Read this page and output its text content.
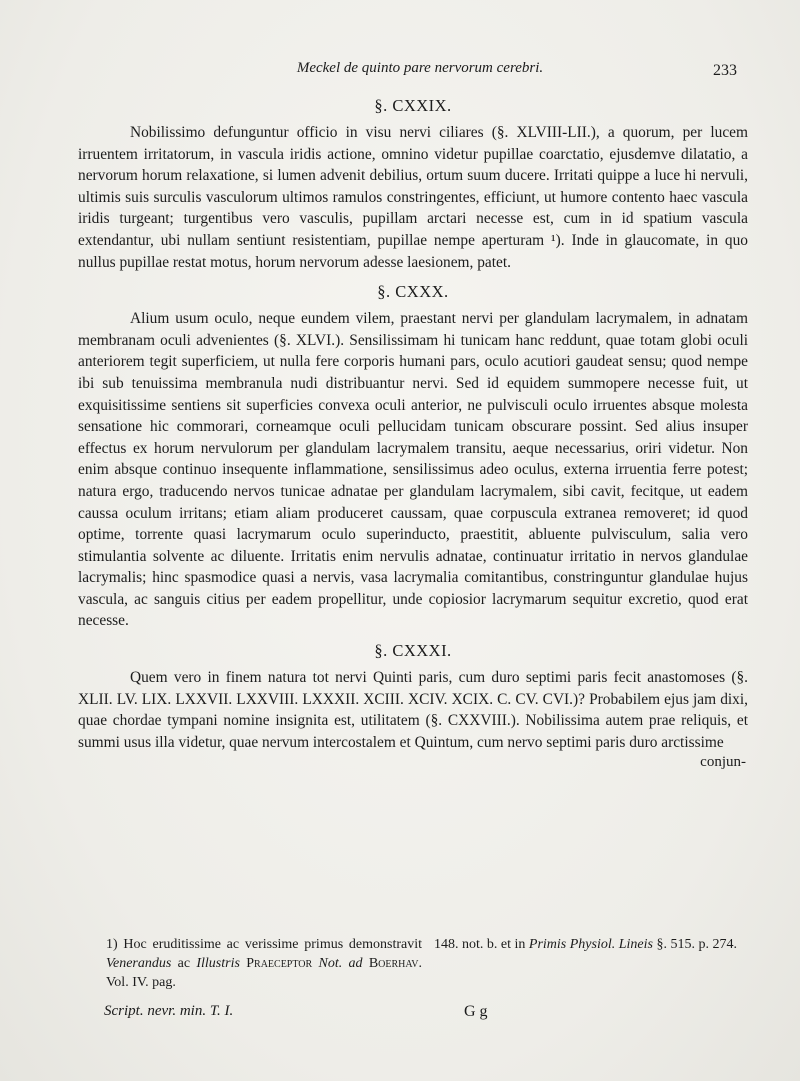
Meckel de quinto pare nervorum cerebri.	233
§. CXXIX.

Nobilissimo defunguntur officio in visu nervi ciliares (§. XLVIII-LII.), a quorum, per lucem irruentem irritatorum, in vascula iridis actione, omnino videtur pupillae coarctatio, ejusdemve dilatatio, a nervorum horum relaxatione, si lumen advenit debilius, ortum suum ducere. Irritati quippe a luce hi nervuli, ultimis suis surculis vasculorum ultimos ramulos constringentes, efficiunt, ut humore contento haec vascula iridis turgeant; turgentibus vero vasculis, pupillam arctari necesse est, cum in id spatium vascula extendantur, ubi nullam sentiunt resistentiam, pupillae nempe aperturam ¹). Inde in glaucomate, in quo nullus pupillae restat motus, horum nervorum adesse laesionem, patet.

§. CXXX.

Alium usum oculo, neque eundem vilem, praestant nervi per glandulam lacrymalem, in adnatam membranam oculi advenientes (§. XLVI.). Sensilissimam hi tunicam hanc reddunt, quae totam globi oculi anteriorem tegit superficiem, ut nulla fere corporis humani pars, oculo acutiori gaudeat sensu; quod nempe ibi sub tenuissima membranula nudi distribuantur nervi. Sed id equidem summopere necesse fuit, ut exquisitissime sentiens sit superficies convexa oculi anterior, ne pulvisculi oculo irruentes absque molesta sensatione hic commorari, corneamque oculi pellucidam tunicam obscurare possint. Sed alius insuper effectus ex horum nervulorum per glandulam lacrymalem transitu, aeque necessarius, oriri videtur. Non enim absque continuo insequente inflammatione, sensilissimus adeo oculus, externa irruentia ferre potest; natura ergo, traducendo nervos tunicae adnatae per glandulam lacrymalem, sibi cavit, fecitque, ut eadem caussa oculum irritans; etiam aliam produceret caussam, quae corpuscula extranea removeret; id quod optime, torrente quasi lacrymarum oculo superinducto, praestitit, abluente pulvisculum, salia vero stimulantia solvente ac diluente. Irritatis enim nervulis adnatae, continuatur irritatio in nervos glandulae lacrymalis; hinc spasmodice quasi a nervis, vasa lacrymalia comitantibus, constringuntur glandulae hujus vascula, ac sanguis citius per eadem propellitur, unde copiosior lacrymarum sequitur excretio, quod erat necesse.

§. CXXXI.

Quem vero in finem natura tot nervi Quinti paris, cum duro septimi paris fecit anastomoses (§. XLII. LV. LIX. LXXVII. LXXVIII. LXXXII. XCIII. XCIV. XCIX. C. CV. CVI.)? Probabilem ejus jam dixi, quae chordae tympani nomine insignita est, utilitatem (§. CXXVIII.). Nobilissima autem prae reliquis, et summi usus illa videtur, quae nervum intercostalem et Quintum, cum nervo septimi paris duro arctissime

conjun-
1) Hoc eruditissime ac verissime primus demonstravit Venerandus ac Illustris Praeceptor Not. ad Boerhav. Vol. IV. pag.
148. not. b. et in Primis Physiol. Lineis §. 515. p. 274.
Script. nevr. min. T. I.	G g
